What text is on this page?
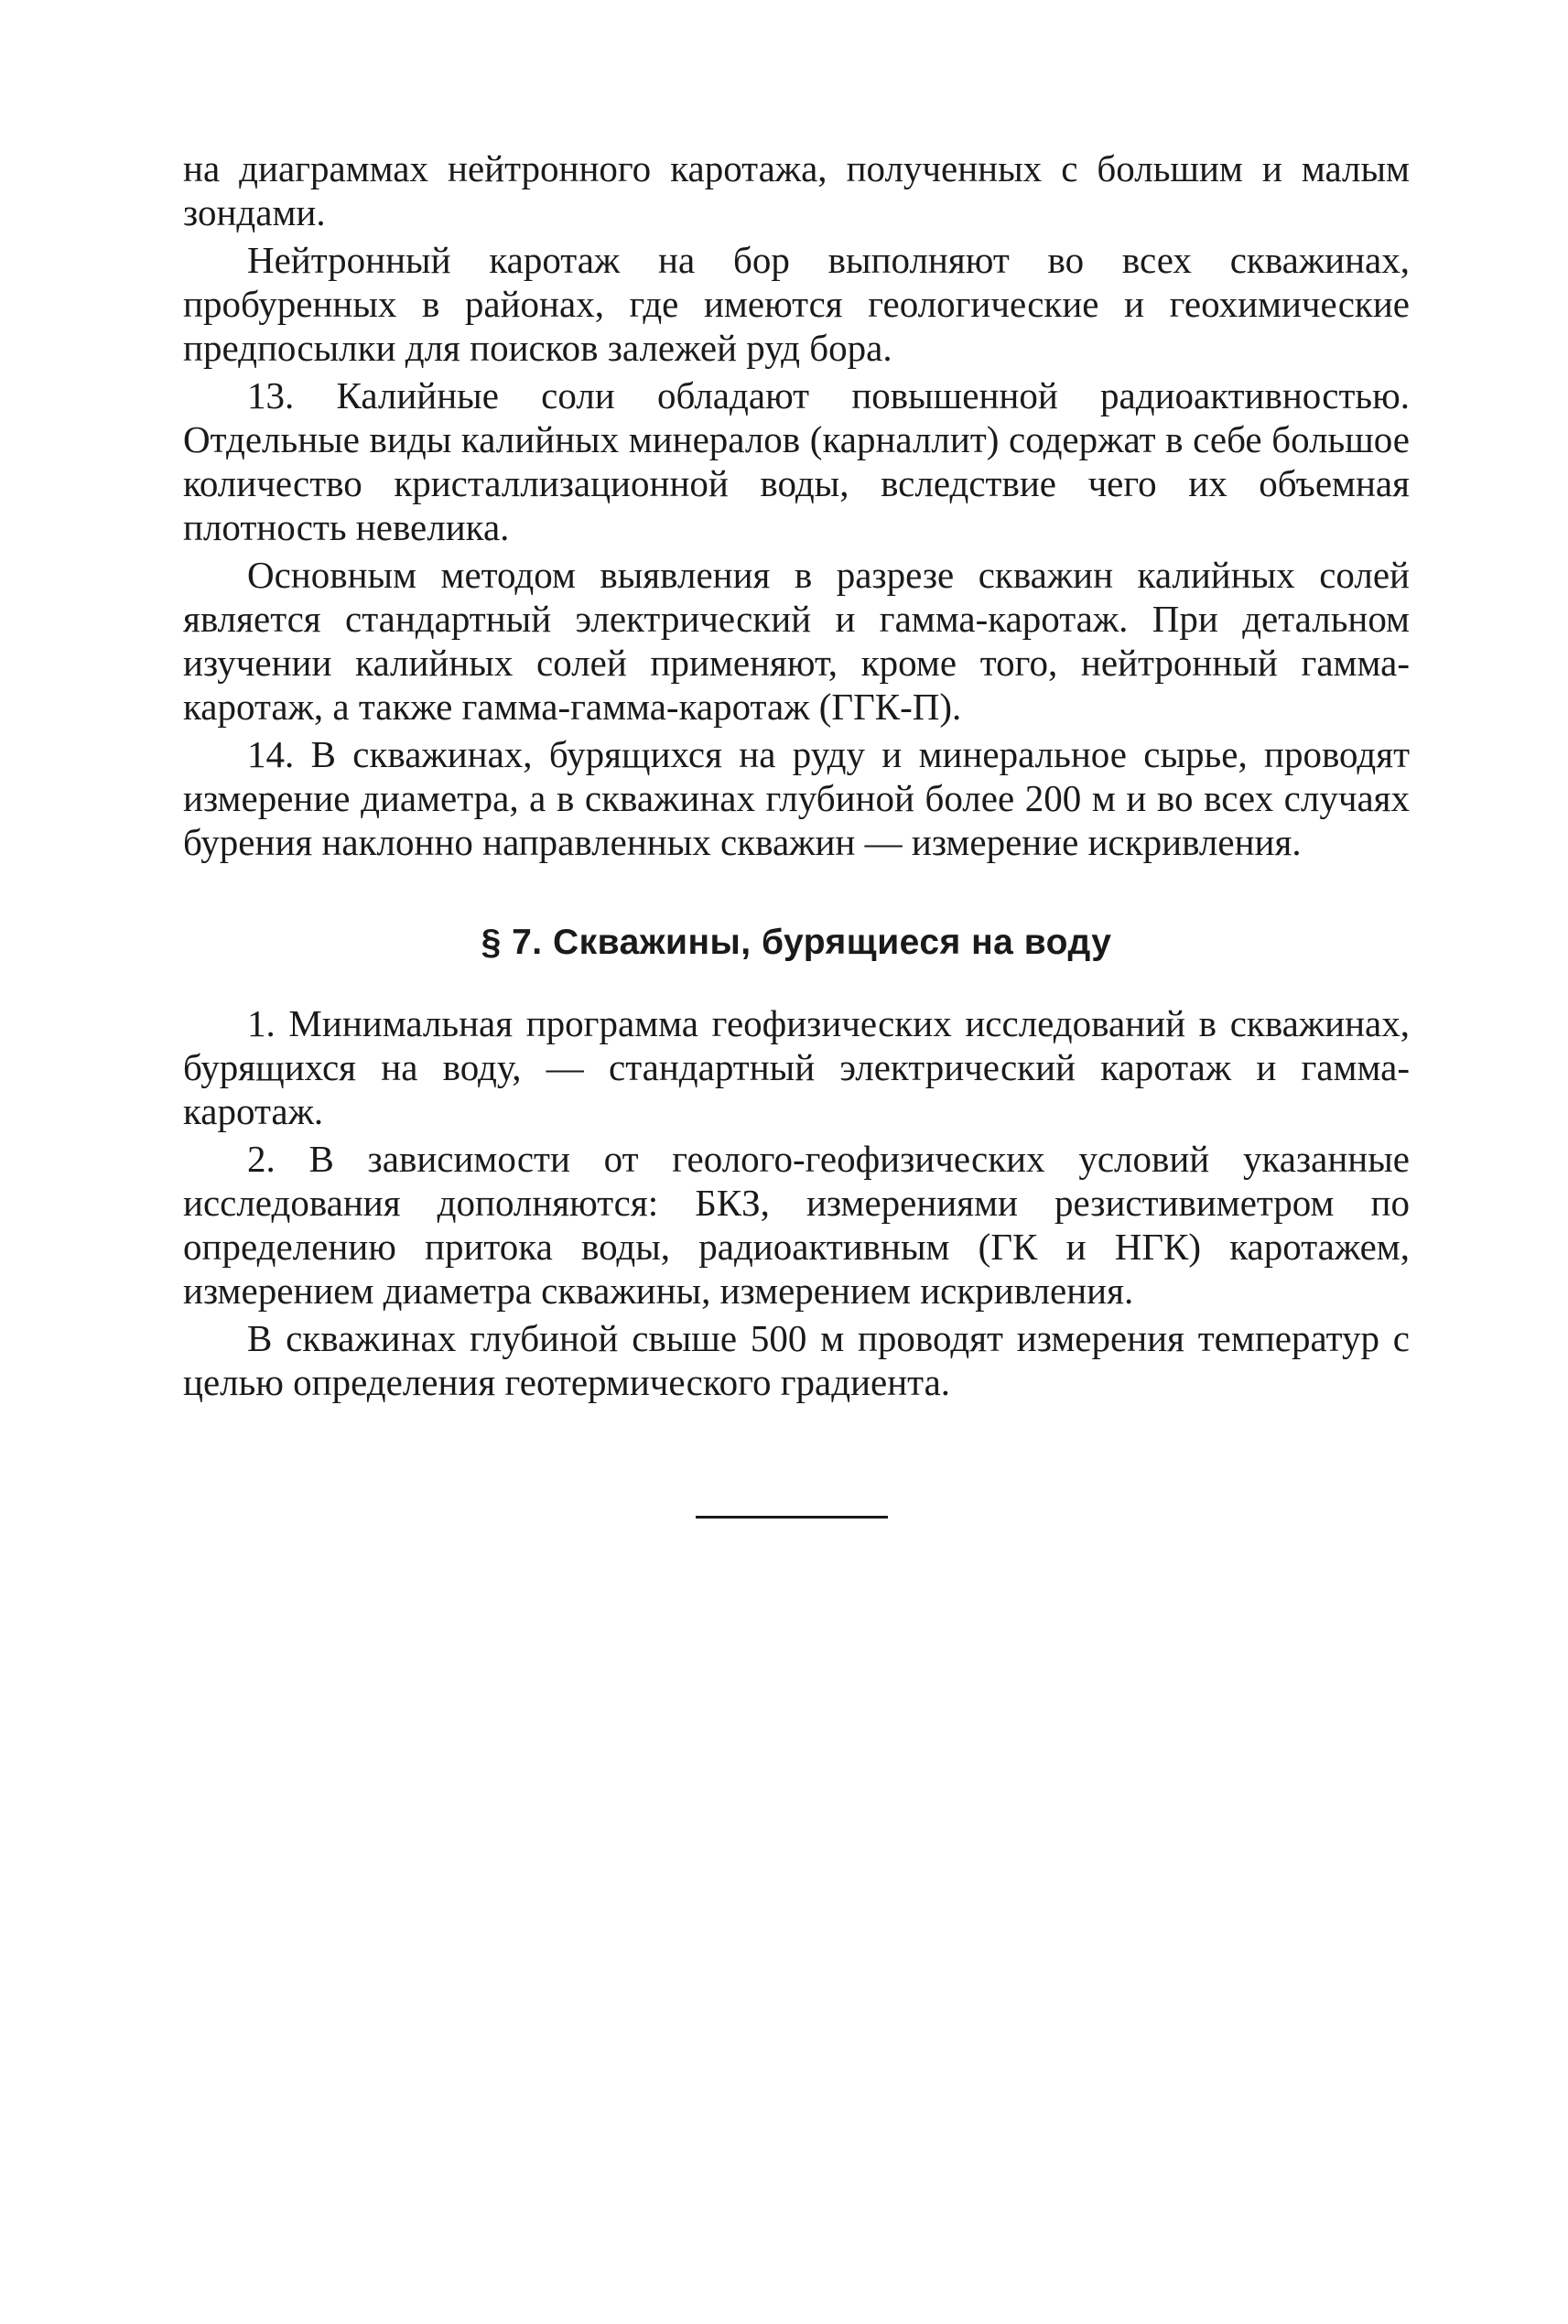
на диаграммах нейтронного каротажа, полученных с большим и малым зондами.

Нейтронный каротаж на бор выполняют во всех скважинах, пробуренных в районах, где имеются геологические и геохимические предпосылки для поисков залежей руд бора.

13. Калийные соли обладают повышенной радиоактивностью. Отдельные виды калийных минералов (карналлит) содержат в себе большое количество кристаллизационной воды, вследствие чего их объемная плотность невелика.

Основным методом выявления в разрезе скважин калийных солей является стандартный электрический и гамма-каротаж. При детальном изучении калийных солей применяют, кроме того, нейтронный гамма-каротаж, а также гамма-гамма-каротаж (ГГК-П).

14. В скважинах, бурящихся на руду и минеральное сырье, проводят измерение диаметра, а в скважинах глубиной более 200 м и во всех случаях бурения наклонно направленных скважин — измерение искривления.

§ 7. Скважины, бурящиеся на воду

1. Минимальная программа геофизических исследований в скважинах, бурящихся на воду, — стандартный электрический каротаж и гамма-каротаж.

2. В зависимости от геолого-геофизических условий указанные исследования дополняются: БКЗ, измерениями резистивиметром по определению притока воды, радиоактивным (ГК и НГК) каротажем, измерением диаметра скважины, измерением искривления.

В скважинах глубиной свыше 500 м проводят измерения температур с целью определения геотермического градиента.
